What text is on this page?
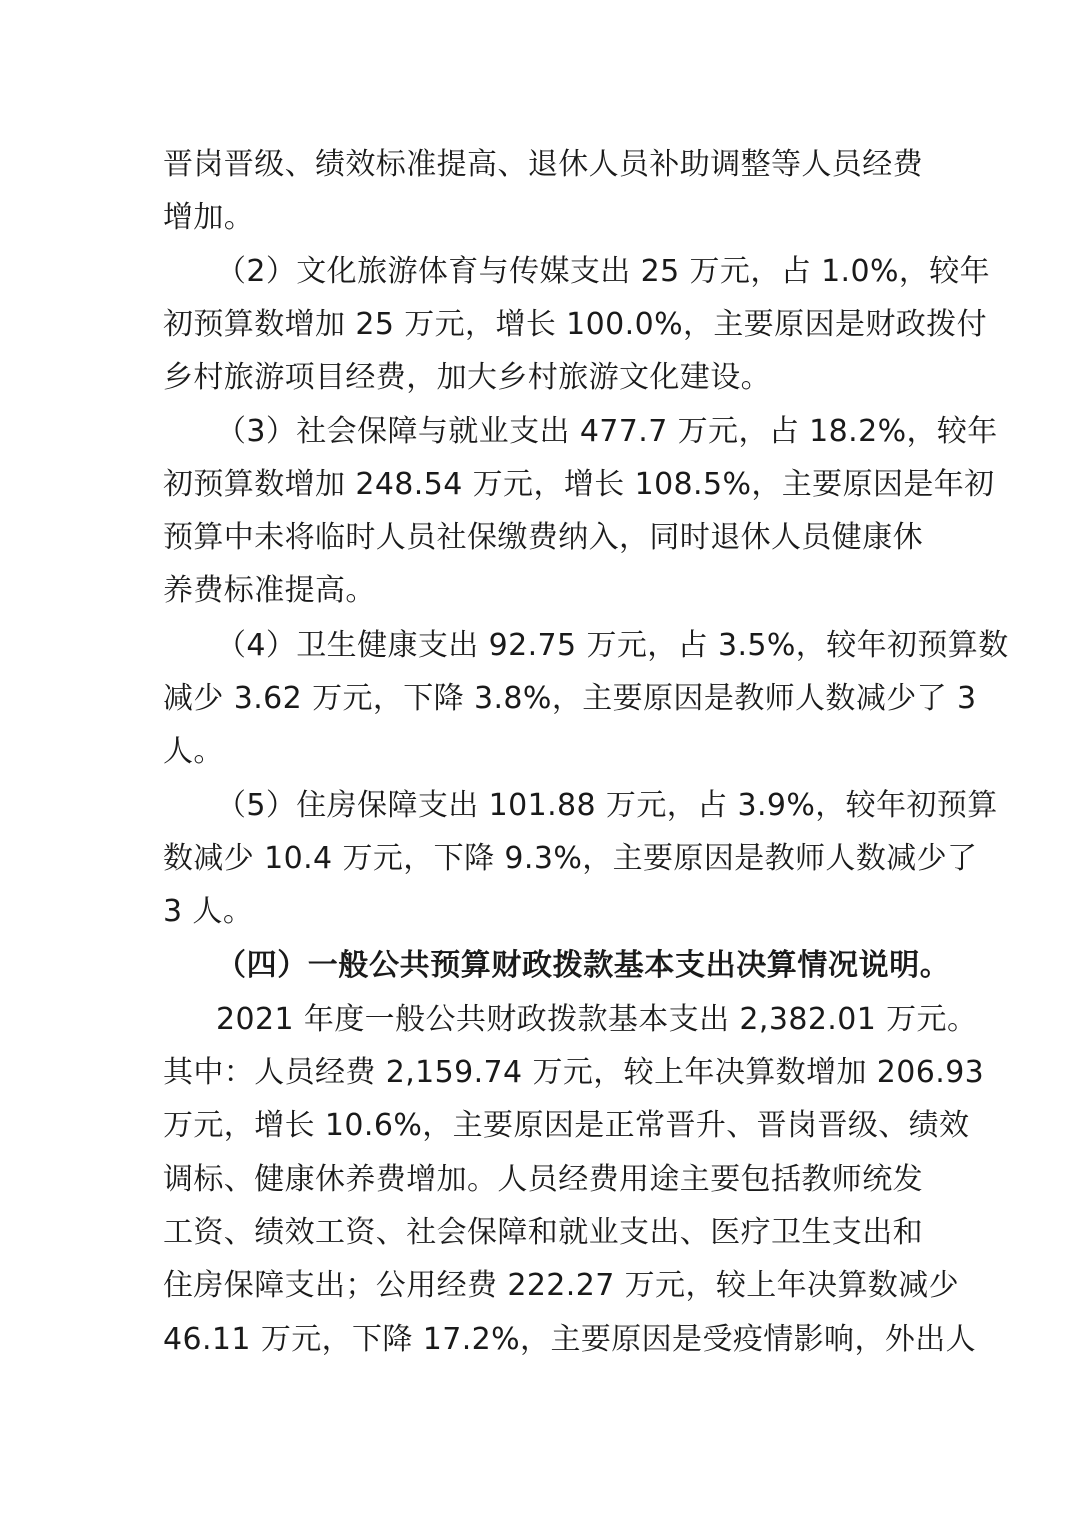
晋岗晋级、绩效标准提高、退休人员补助调整等人员经费
增加。
（2）文化旅游体育与传媒支出 25 万元，占 1.0%，较年
初预算数增加 25 万元，增长 100.0%，主要原因是财政拨付
乡村旅游项目经费，加大乡村旅游文化建设。
（3）社会保障与就业支出 477.7 万元，占 18.2%，较年
初预算数增加 248.54 万元，增长 108.5%，主要原因是年初
预算中未将临时人员社保缴费纳入，同时退休人员健康休
养费标准提高。
（4）卫生健康支出 92.75 万元，占 3.5%，较年初预算数
减少 3.62 万元，下降 3.8%，主要原因是教师人数减少了 3
人。
（5）住房保障支出 101.88 万元，占 3.9%，较年初预算
数减少 10.4 万元，下降 9.3%，主要原因是教师人数减少了
3 人。
（四）一般公共预算财政拨款基本支出决算情况说明。
2021 年度一般公共财政拨款基本支出 2,382.01 万元。
其中：人员经费 2,159.74 万元，较上年决算数增加 206.93
万元，增长 10.6%，主要原因是正常晋升、晋岗晋级、绩效
调标、健康休养费增加。人员经费用途主要包括教师统发
工资、绩效工资、社会保障和就业支出、医疗卫生支出和
住房保障支出；公用经费 222.27 万元，较上年决算数减少
46.11 万元，下降 17.2%，主要原因是受疫情影响，外出人
